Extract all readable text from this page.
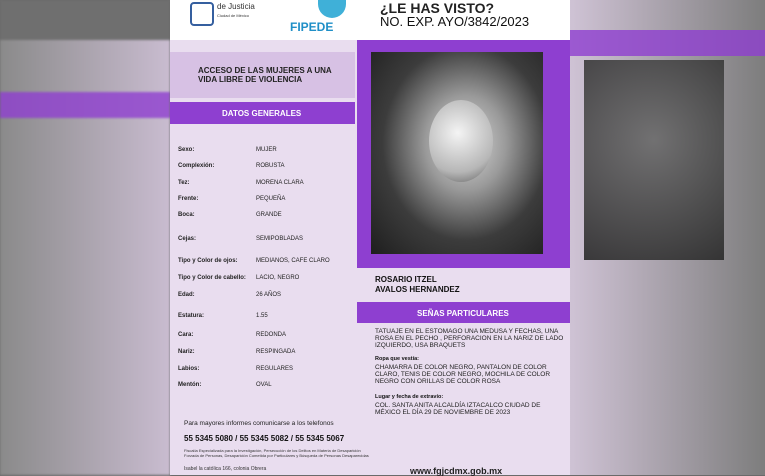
de Justicia
Ciudad de México
FIPEDE
¿LE HAS VISTO?
NO. EXP. AYO/3842/2023
ACCESO DE LAS MUJERES A UNA VIDA LIBRE DE VIOLENCIA
DATOS GENERALES
Sexo:	MUJER
Complexión:	ROBUSTA
Tez:	MORENA CLARA
Frente:	PEQUEÑA
Boca:	GRANDE
Cejas:	SEMIPOBLADAS
Tipo y Color de ojos:	MEDIANOS, CAFE CLARO
Tipo y Color de cabello: LACIO, NEGRO
Edad:	26 AÑOS
Estatura:	1.55
Cara:	REDONDA
Nariz:	RESPINGADA
Labios:	REGULARES
Mentón:	OVAL
ROSARIO ITZEL
AVALOS HERNANDEZ
SEÑAS PARTICULARES
TATUAJE EN EL ESTOMAGO UNA MEDUSA Y FECHAS, UNA ROSA EN EL PECHO , PERFORACION EN LA NARIZ DE LADO IZQUIERDO, USA BRAQUETS
Ropa que vestía:
CHAMARRA DE COLOR NEGRO, PANTALON DE COLOR CLARO, TENIS DE COLOR NEGRO, MOCHILA DE COLOR NEGRO CON ORILLAS DE COLOR ROSA
Lugar y fecha de extravío:
COL. SANTA ANITA ALCALDÍA IZTACALCO CIUDAD DE MÉXICO EL DÍA 29 DE NOVIEMBRE DE 2023
Para mayores informes comunicarse a los telefonos
55 5345 5080 / 55 5345 5082 / 55 5345 5067
Fiscalía Especializada para la Investigación, Persecución de los Delitos en Materia de Desaparición Forzada de Personas, Desaparición Cometida por Particulares y Búsqueda de Personas Desaparecidas
Isabel la católica 166, colonia Obrera	www.fgjcdmx.gob.mx
